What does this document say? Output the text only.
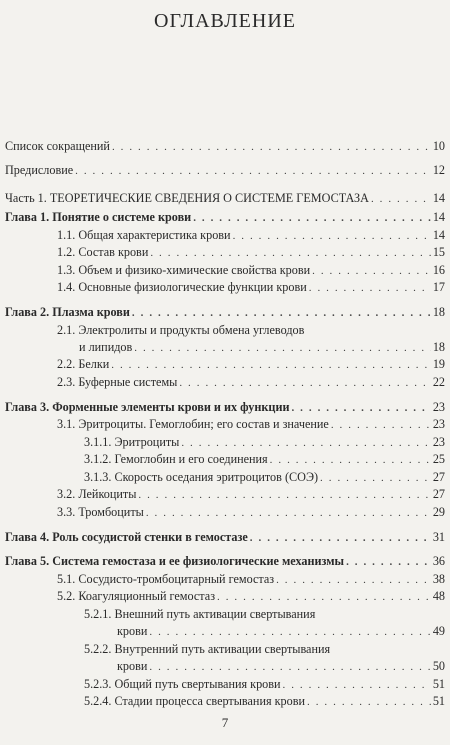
ОГЛАВЛЕНИЕ
Список сокращений . . .	10
Предисловие . . .	12
Часть 1. ТЕОРЕТИЧЕСКИЕ СВЕДЕНИЯ О СИСТЕМЕ ГЕМОСТАЗА . . .	14
Глава 1. Понятие о системе крови . . .	14
1.1. Общая характеристика крови . . .	14
1.2. Состав крови . . .	15
1.3. Объем и физико-химические свойства крови . . .	16
1.4. Основные физиологические функции крови . . .	17
Глава 2. Плазма крови . . .	18
2.1. Электролиты и продукты обмена углеводов
и липидов . . .	18
2.2. Белки . . .	19
2.3. Буферные системы . . .	22
Глава 3. Форменные элементы крови и их функции . . .	23
3.1. Эритроциты. Гемоглобин; его состав и значение . . .	23
3.1.1. Эритроциты . . .	23
3.1.2. Гемоглобин и его соединения . . .	25
3.1.3. Скорость оседания эритроцитов (СОЭ) . . .	27
3.2. Лейкоциты . . .	27
3.3. Тромбоциты . . .	29
Глава 4. Роль сосудистой стенки в гемостазе . . .	31
Глава 5. Система гемостаза и ее физиологические механизмы . . .	36
5.1. Сосудисто-тромбоцитарный гемостаз . . .	38
5.2. Коагуляционный гемостаз . . .	48
5.2.1. Внешний путь активации свертывания
крови . . .	49
5.2.2. Внутренний путь активации свертывания
крови . . .	50
5.2.3. Общий путь свертывания крови . . .	51
5.2.4. Стадии процесса свертывания крови . . .	51
7
